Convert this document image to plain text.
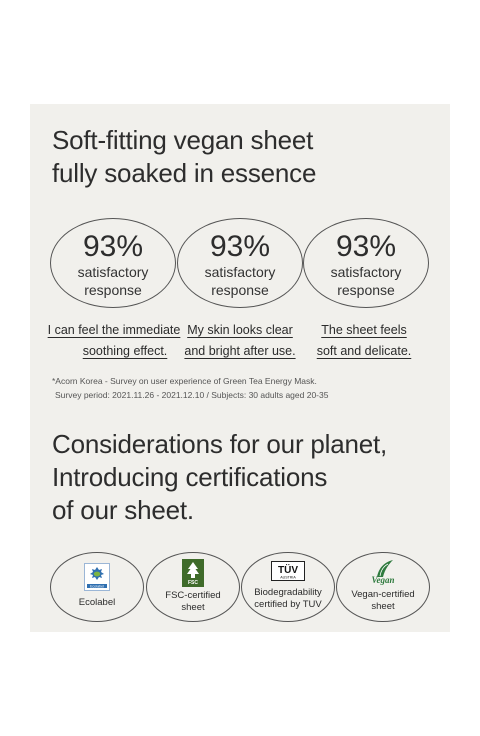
Soft-fitting vegan sheet
fully soaked in essence
93%
satisfactory
response
93%
satisfactory
response
93%
satisfactory
response
I can feel the immediate
soothing effect.
My skin looks clear
and bright after use.
The sheet feels
soft and delicate.
*Acorn Korea - Survey on user experience of Green Tea Energy Mask.
Survey period: 2021.11.26 - 2021.12.10 / Subjects: 30 adults aged 20-35
Considerations for our planet,
Introducing certifications
of our sheet.
Ecolabel
Ecolabel
FSC
FSC-certified
sheet
TÜV
AUSTRIA
Biodegradability
certified by TUV
Vegan
Vegan-certified
sheet
